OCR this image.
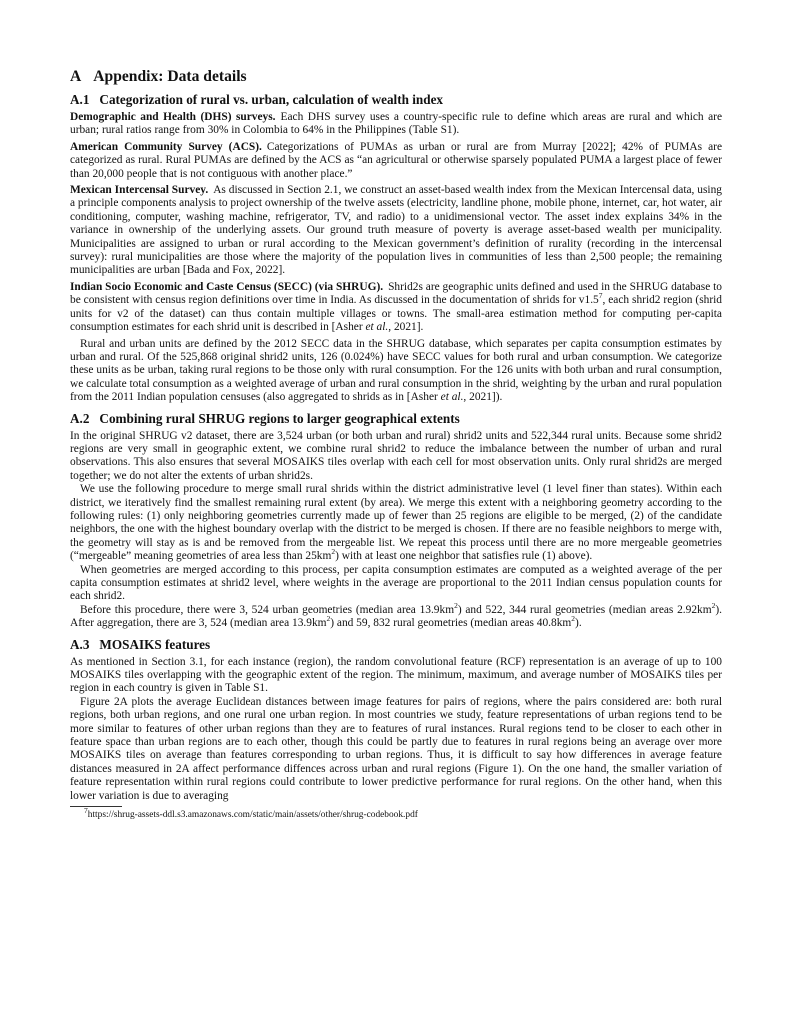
A Appendix: Data details
A.1 Categorization of rural vs. urban, calculation of wealth index

Demographic and Health (DHS) surveys. Each DHS survey uses a country-specific rule to define which areas are rural and which are urban; rural ratios range from 30% in Colombia to 64% in the Philippines (Table S1).

American Community Survey (ACS). Categorizations of PUMAs as urban or rural are from Murray [2022]; 42% of PUMAs are categorized as rural. Rural PUMAs are defined by the ACS as “an agricultural or otherwise sparsely populated PUMA a largest place of fewer than 20,000 people that is not contiguous with another place.”

Mexican Intercensal Survey. As discussed in Section 2.1, we construct an asset-based wealth index from the Mexican Intercensal data, using a principle components analysis to project ownership of the twelve assets (electricity, landline phone, mobile phone, internet, car, hot water, air conditioning, computer, washing machine, refrigerator, TV, and radio) to a unidimensional vector. The asset index explains 34% in the variance in ownership of the underlying assets. Our ground truth measure of poverty is average asset-based wealth per municipality. Municipalities are assigned to urban or rural according to the Mexican government’s definition of rurality (recording in the intercensal survey): rural municipalities are those where the majority of the population lives in communities of less than 2,500 people; the remaining municipalities are urban [Bada and Fox, 2022].

Indian Socio Economic and Caste Census (SECC) (via SHRUG). Shrid2s are geographic units defined and used in the SHRUG database to be consistent with census region definitions over time in India. As discussed in the documentation of shrids for $v1.5^7$, each shrid2 region (shrid units for v2 of the dataset) can thus contain multiple villages or towns. The small-area estimation method for computing per-capita consumption estimates for each shrid unit is described in [Asher et al., 2021].

Rural and urban units are defined by the 2012 SECC data in the SHRUG database, which separates per capita consumption estimates by urban and rural. Of the 525,868 original shrid2 units, 126 (0.024%) have SECC values for both rural and urban consumption. We categorize these units as be urban, taking rural regions to be those only with rural consumption. For the 126 units with both urban and rural consumption, we calculate total consumption as a weighted average of urban and rural consumption in the shrid, weighting by the urban and rural population from the 2011 Indian population censuses (also aggregated to shrids as in [Asher et al., 2021]).

A.2 Combining rural SHRUG regions to larger geographical extents

In the original SHRUG v2 dataset, there are 3,524 urban (or both urban and rural) shrid2 units and 522,344 rural units. Because some shrid2 regions are very small in geographic extent, we combine rural shrid2 to reduce the imbalance between the number of urban and rural observations. This also ensures that several MOSAIKS tiles overlap with each cell for most observation units. Only rural shrid2s are merged together; we do not alter the extents of urban shrid2s.

We use the following procedure to merge small rural shrids within the district administrative level (1 level finer than states). Within each district, we iteratively find the smallest remaining rural extent (by area). We merge this extent with a neighboring geometry according to the following rules: (1) only neighboring geometries currently made up of fewer than 25 regions are eligible to be merged, (2) of the candidate neighbors, the one with the highest boundary overlap with the district to be merged is chosen. If there are no feasible neighbors to merge with, the geometry will stay as is and be removed from the mergeable list. We repeat this process until there are no more mergeable geometries (“mergeable” meaning geometries of area less than $25km^2$) with at least one neighbor that satisfies rule (1) above).

When geometries are merged according to this process, per capita consumption estimates are computed as a weighted average of the per capita consumption estimates at shrid2 level, where weights in the average are proportional to the 2011 Indian census population counts for each shrid2.

Before this procedure, there were 3, 524 urban geometries (median area $13.9km^2$) and 522, 344 rural geometries (median areas $2.92km^2$). After aggregation, there are 3, 524 (median area $13.9km^2$) and 59, 832 rural geometries (median areas $40.8km^2$).

A.3 MOSAIKS features

As mentioned in Section 3.1, for each instance (region), the random convolutional feature (RCF) representation is an average of up to 100 MOSAIKS tiles overlapping with the geographic extent of the region. The minimum, maximum, and average number of MOSAIKS tiles per region in each country is given in Table S1.

Figure 2A plots the average Euclidean distances between image features for pairs of regions, where the pairs considered are: both rural regions, both urban regions, and one rural one urban region. In most countries we study, feature representations of urban regions tend to be more similar to features of other urban regions than they are to features of rural instances. Rural regions tend to be closer to each other in feature space than urban regions are to each other, though this could be partly due to features in rural regions being an average over more MOSAIKS tiles on average than features corresponding to urban regions. Thus, it is difficult to say how differences in average feature distances measured in 2A affect performance diffences across urban and rural regions (Figure 1). On the one hand, the smaller variation of feature representation within rural regions could contribute to lower predictive performance for rural regions. On the other hand, when this lower variation is due to averaging

$^7$https://shrug-assets-ddl.s3.amazonaws.com/static/main/assets/other/shrug-codebook.pdf
